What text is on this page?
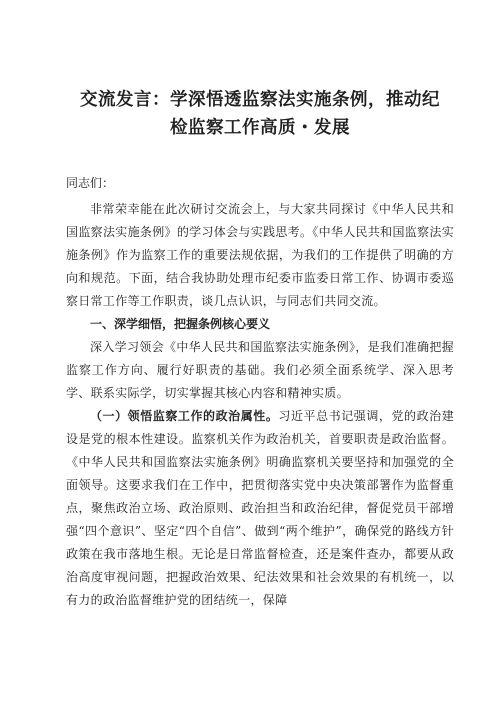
交流发言：学深悟透监察法实施条例，推动纪
检监察工作高质・发展
同志们：

非常荣幸能在此次研讨交流会上，与大家共同探讨《中华人民共和国监察法实施条例》的学习体会与实践思考。《中华人民共和国监察法实施条例》作为监察工作的重要法规依据，为我们的工作提供了明确的方向和规范。下面，结合我协助处理市纪委市监委日常工作、协调市委巡察日常工作等工作职责，谈几点认识，与同志们共同交流。

一、深学细悟，把握条例核心要义

深入学习领会《中华人民共和国监察法实施条例》，是我们准确把握监察工作方向、履行好职责的基础。我们必须全面系统学、深入思考学、联系实际学，切实掌握其核心内容和精神实质。

（一）领悟监察工作的政治属性。习近平总书记强调，党的政治建设是党的根本性建设。监察机关作为政治机关，首要职责是政治监督。《中华人民共和国监察法实施条例》明确监察机关要坚持和加强党的全面领导。这要求我们在工作中，把贯彻落实党中央决策部署作为监督重点，聚焦政治立场、政治原则、政治担当和政治纪律，督促党员干部增强“四个意识”、坚定“四个自信”、做到“两个维护”，确保党的路线方针政策在我市落地生根。无论是日常监督检查，还是案件查办，都要从政治高度审视问题，把握政治效果、纪法效果和社会效果的有机统一，以有力的政治监督维护党的团结统一，保障
